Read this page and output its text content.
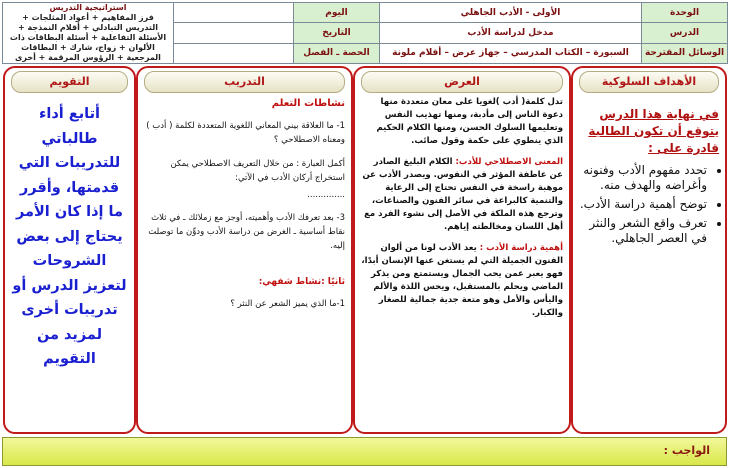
الوحدة	الأولى - الأدب الجاهلي	اليوم		استراتيجية التدريس
فرز المفاهيم + أعواد المثلجات + التدريس التبادلي + أقلام النمذجة + الأسئلة التفاعلية + أسئلة البطاقات ذات الألوان + زواج، شارك + البطاقات المرجعية + الرؤوس المرقمة + أخرى

الدرس	مدخل لدراسة الأدب	التاريخ		
الوسائل المقترحة	السبورة – الكتاب المدرسي – جهاز عرض – أقلام ملونة	الحصة ـ الفصل		
الأهداف السلوكية
في نهاية هذا الدرس يتوقع أن تكون الطالبة قادرة على :
• تحدد مفهوم الأدب وفنونه وأغراضه والهدف منه.
• توضح أهمية دراسة الأدب.
• تعرف واقع الشعر والنثر في العصر الجاهلي.
العرض

تدل كلمة( أدب )لغويا على معان متعددة منها دعوة الناس إلى مأدبة، ومنها تهذيب النفس وتعليمها السلوك الحسن، ومنها الكلام الحكيم الذي ينطوي على حكمة وقول صائب.

المعنى الاصطلاحي للأدب: الكلام البليغ الصادر عن عاطفة المؤثر في النفوس. ويصدر الأدب عن موهبة راسخة في النفس تحتاج إلى الرعاية والتنمية كالبراعة في سائر الفنون والصناعات، وترجع هذه الملكة في الأصل إلى نشوء الفرد مع أهل اللسان ومخالطته إياهم.

أهمية دراسة الأدب : يعد الأدب لونا من ألوان الفنون الجميلة التي لم يستغن عنها الإنسان أبدًا، فهو يعبر عمن يحب الجمال ويستمتع ومن يذكر الماضي ويحلم بالمستقبل، ويحس اللذة والألم واليأس والأمل وهو متعة جدية جمالية للصغار والكبار.

التدريب
نشاطات التعلم

1- ما العلاقة بيني المعاني اللغوية المتعددة لكلمة ( أدب ) ومعناه الاصطلاحي ؟

أكمل العبارة : من خلال التعريف الاصطلاحي يمكن استخراج أركان الأدب في الآتي:

..............

3- بعد تعرفك الأدب وأهميته، أوجز مع زملائك ـ في ثلاث نقاط أساسية ـ الغرض من دراسة الأدب ودوِّن ما توصلت إليه.

ثانيًا :نشاط شفهي:

1-ما الذي يميز الشعر عن النثر ؟

التقويم
أتابع أداء طالباتي للتدريبات التي قدمتها، وأقرر ما إذا كان الأمر يحتاج إلى بعض الشروحات لتعزيز الدرس أو تدريبات أخرى لمزيد من التقويم
الواجب :
